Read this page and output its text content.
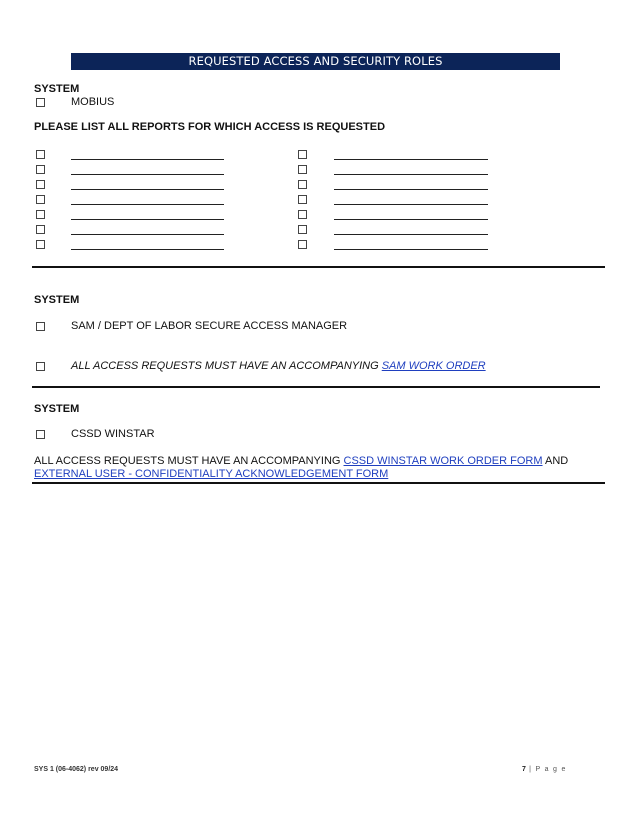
REQUESTED ACCESS AND SECURITY ROLES
SYSTEM
MOBIUS
PLEASE LIST ALL REPORTS FOR WHICH ACCESS IS REQUESTED
SYSTEM
SAM / DEPT OF LABOR SECURE ACCESS MANAGER
ALL ACCESS REQUESTS MUST HAVE AN ACCOMPANYING SAM WORK ORDER
SYSTEM
CSSD WINSTAR
ALL ACCESS REQUESTS MUST HAVE AN ACCOMPANYING CSSD WINSTAR WORK ORDER FORM AND
EXTERNAL USER - CONFIDENTIALITY ACKNOWLEDGEMENT FORM
SYS 1 (06-4062) rev 09/24	7 | P a g e
